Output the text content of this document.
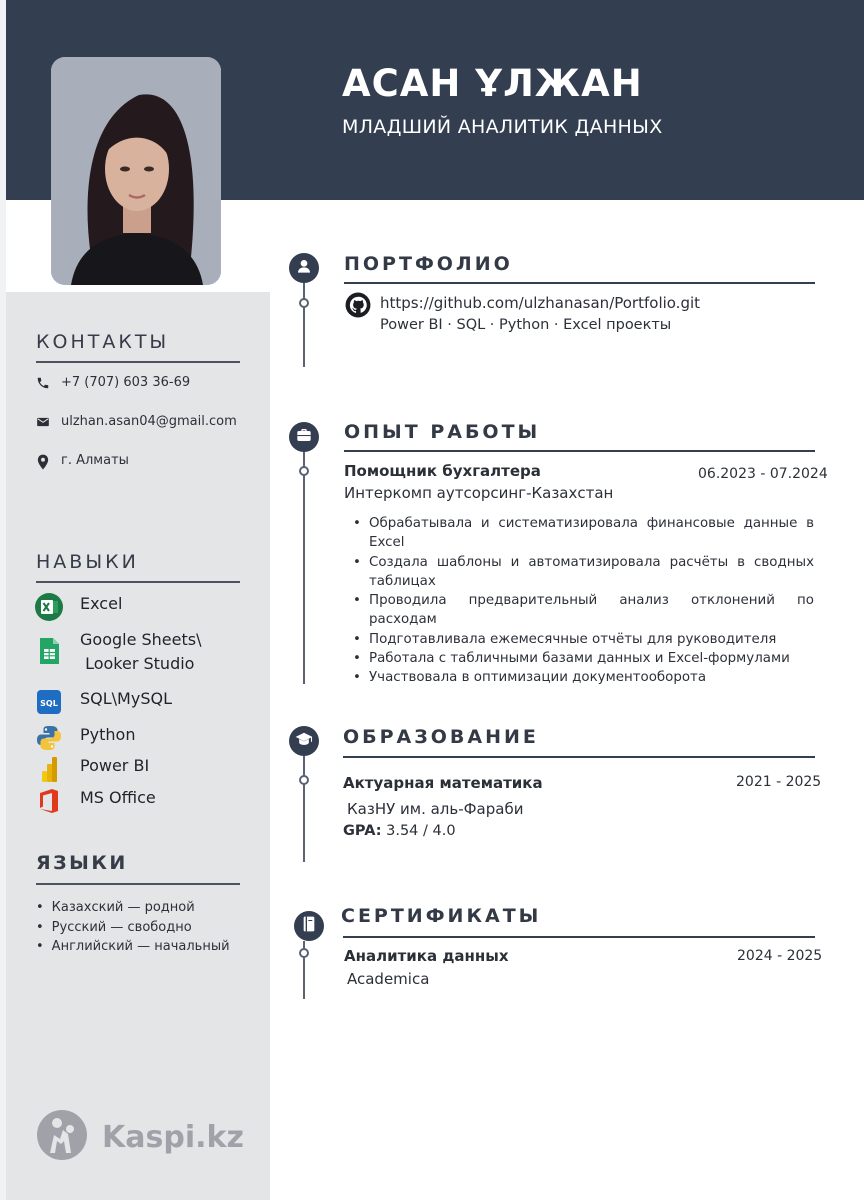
АСАН ҰЛЖАН
МЛАДШИЙ АНАЛИТИК ДАННЫХ
КОНТАКТЫ
+7 (707) 603 36-69
ulzhan.asan04@gmail.com
г. Алматы
НАВЫКИ
Excel
Google Sheets\
Looker Studio
SQL SQL\MySQL
Python
Power BI
MS Office
ЯЗЫКИ
• Казахский — родной
• Русский — свободно
• Английский — начальный
Kaspi.kz
ПОРТФОЛИО
https://github.com/ulzhanasan/Portfolio.git
Power BI · SQL · Python · Excel проекты
ОПЫТ РАБОТЫ
Помощник бухгалтера	06.2023 - 07.2024
Интеркомп аутсорсинг-Казахстан
• Обрабатывала и систематизировала финансовые данные в Excel
• Создала шаблоны и автоматизировала расчёты в сводных таблицах
• Проводила предварительный анализ отклонений по расходам
• Подготавливала ежемесячные отчёты для руководителя
• Работала с табличными базами данных и Excel-формулами
• Участвовала в оптимизации документооборота
ОБРАЗОВАНИЕ
Актуарная математика	2021 - 2025
КазНУ им. аль-Фараби
GPA: 3.54 / 4.0
СЕРТИФИКАТЫ
Аналитика данных	2024 - 2025
Academica
